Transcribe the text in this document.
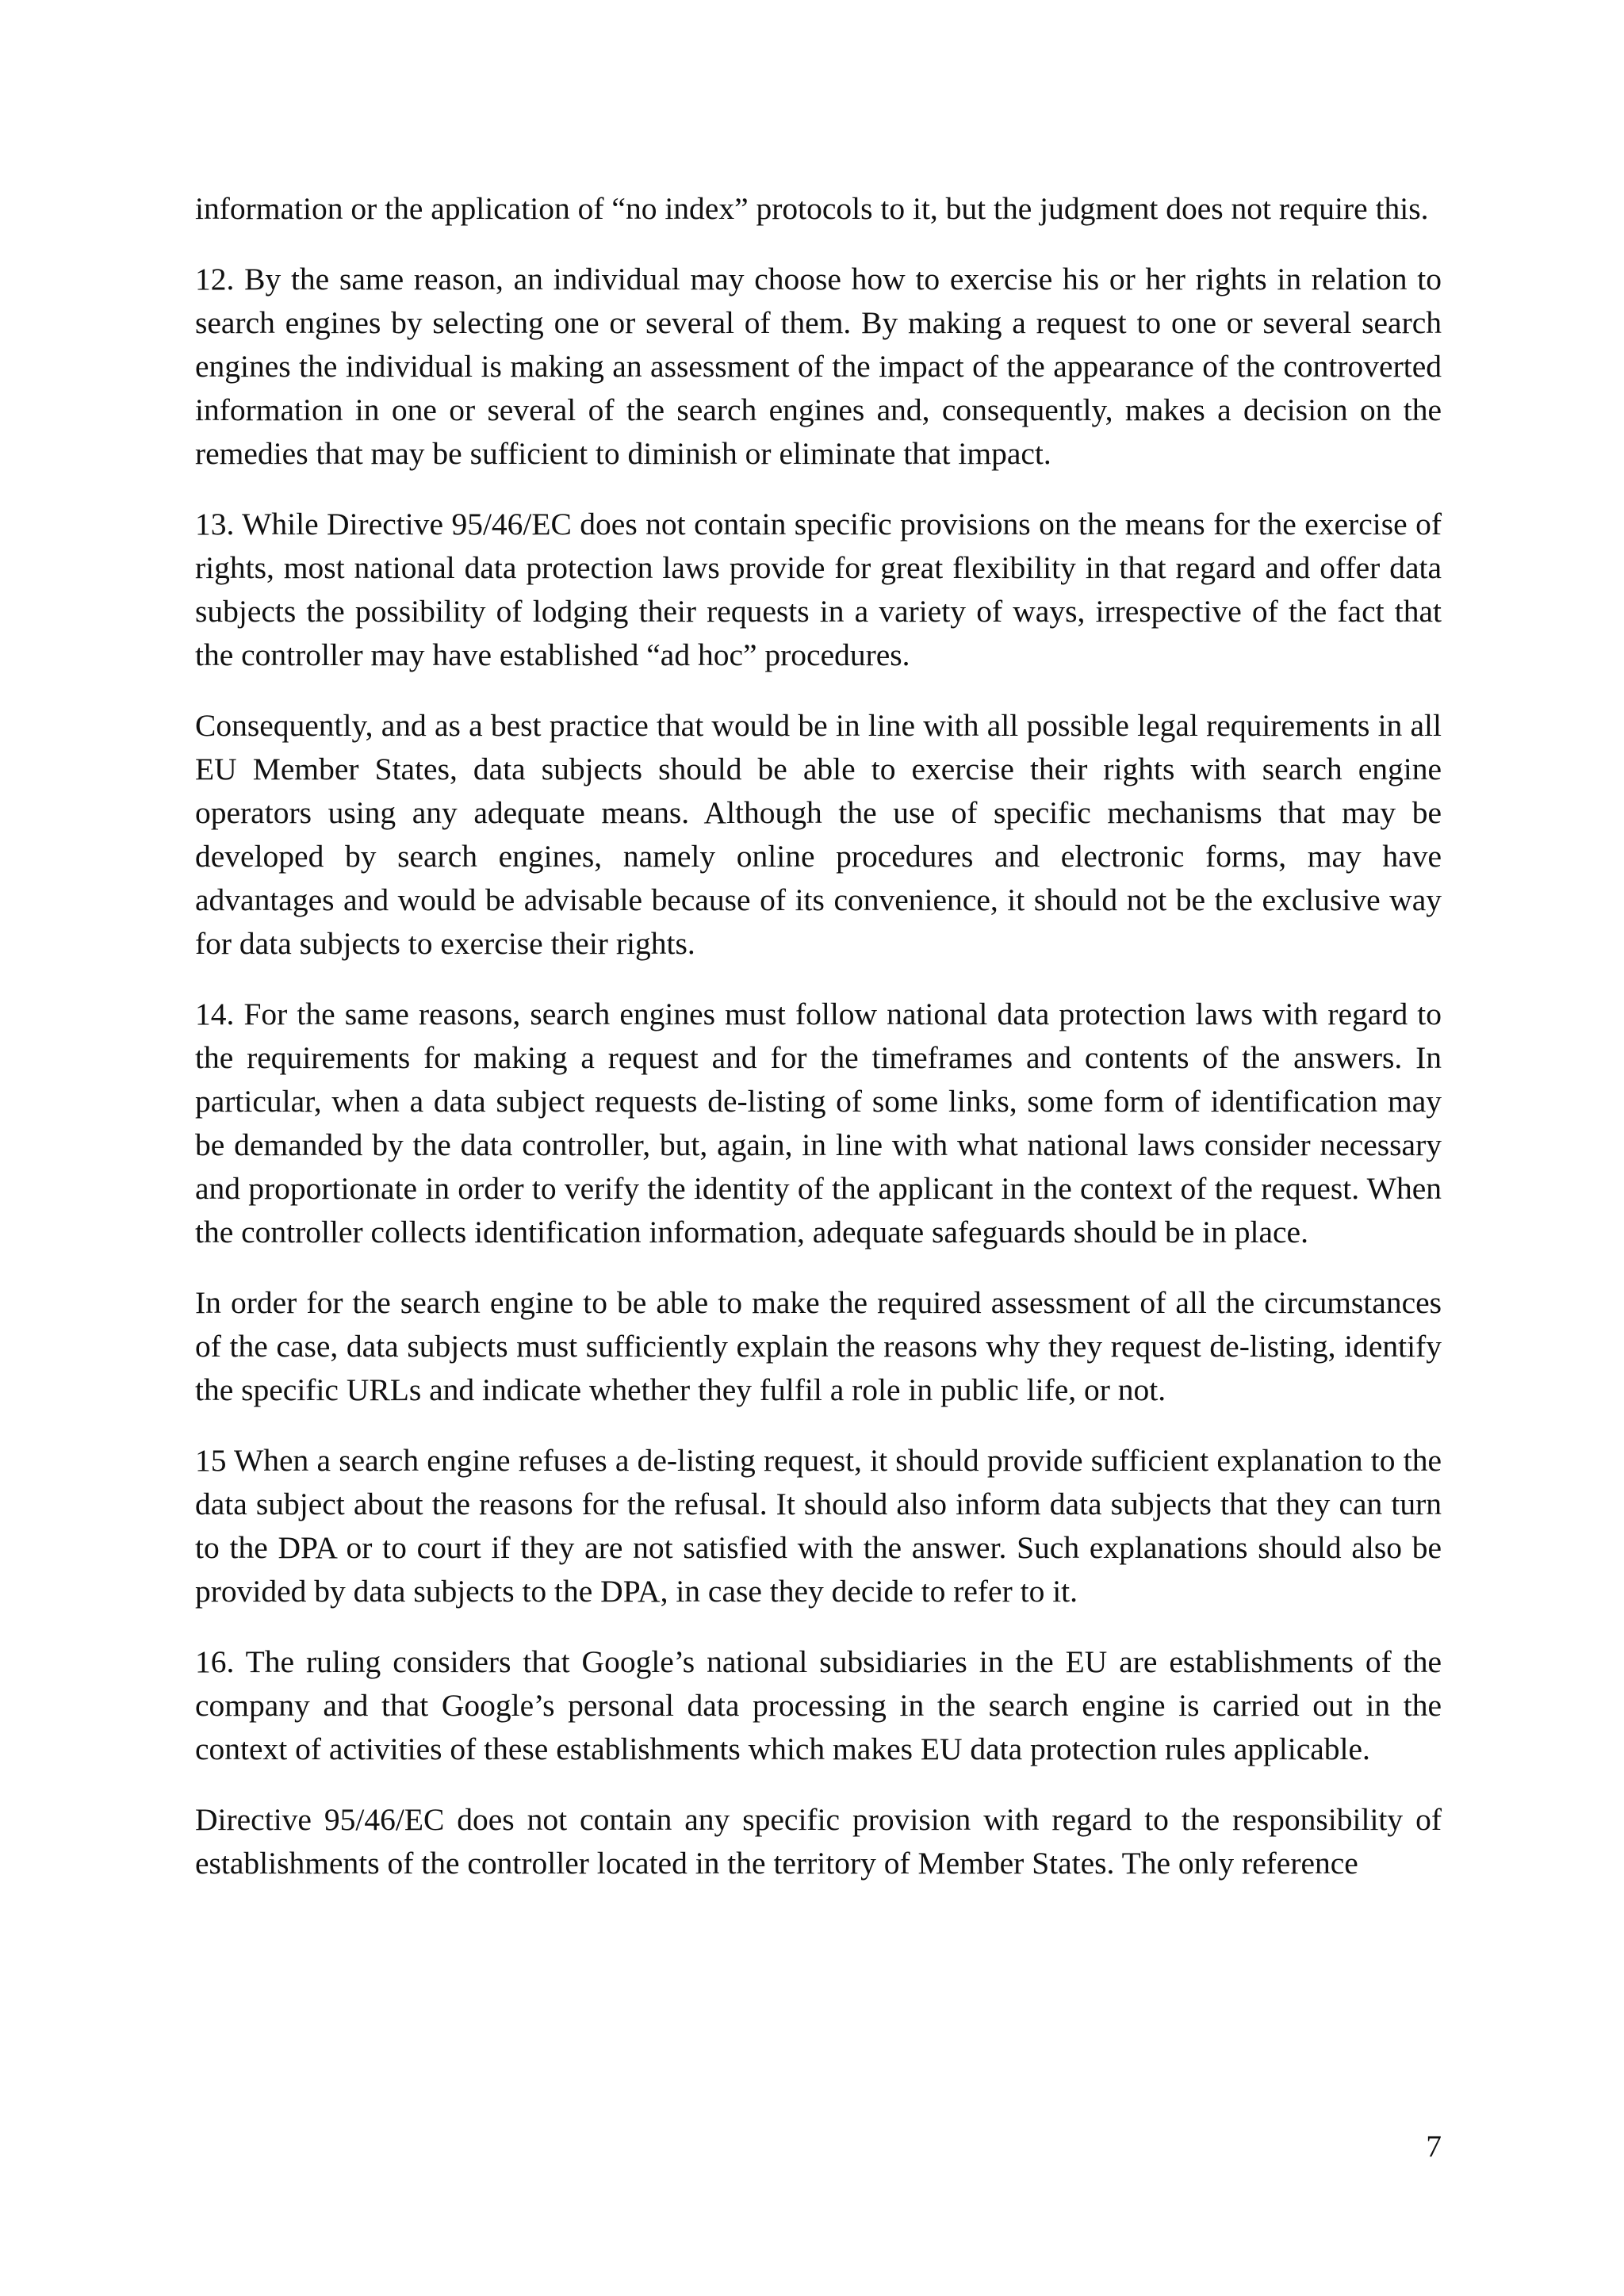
information or the application of “no index” protocols to it, but the judgment does not require this.

12. By the same reason, an individual may choose how to exercise his or her rights in relation to search engines by selecting one or several of them. By making a request to one or several search engines the individual is making an assessment of the impact of the appearance of the controverted information in one or several of the search engines and, consequently, makes a decision on the remedies that may be sufficient to diminish or eliminate that impact.

13. While Directive 95/46/EC does not contain specific provisions on the means for the exercise of rights, most national data protection laws provide for great flexibility in that regard and offer data subjects the possibility of lodging their requests in a variety of ways, irrespective of the fact that the controller may have established “ad hoc” procedures.

Consequently, and as a best practice that would be in line with all possible legal requirements in all EU Member States, data subjects should be able to exercise their rights with search engine operators using any adequate means. Although the use of specific mechanisms that may be developed by search engines, namely online procedures and electronic forms, may have advantages and would be advisable because of its convenience, it should not be the exclusive way for data subjects to exercise their rights.

14. For the same reasons, search engines must follow national data protection laws with regard to the requirements for making a request and for the timeframes and contents of the answers. In particular, when a data subject requests de-listing of some links, some form of identification may be demanded by the data controller, but, again, in line with what national laws consider necessary and proportionate in order to verify the identity of the applicant in the context of the request. When the controller collects identification information, adequate safeguards should be in place.

In order for the search engine to be able to make the required assessment of all the circumstances of the case, data subjects must sufficiently explain the reasons why they request de-listing, identify the specific URLs and indicate whether they fulfil a role in public life, or not.

15 When a search engine refuses a de-listing request, it should provide sufficient explanation to the data subject about the reasons for the refusal. It should also inform data subjects that they can turn to the DPA or to court if they are not satisfied with the answer. Such explanations should also be provided by data subjects to the DPA, in case they decide to refer to it.

16. The ruling considers that Google’s national subsidiaries in the EU are establishments of the company and that Google’s personal data processing in the search engine is carried out in the context of activities of these establishments which makes EU data protection rules applicable.

Directive 95/46/EC does not contain any specific provision with regard to the responsibility of establishments of the controller located in the territory of Member States. The only reference

7
